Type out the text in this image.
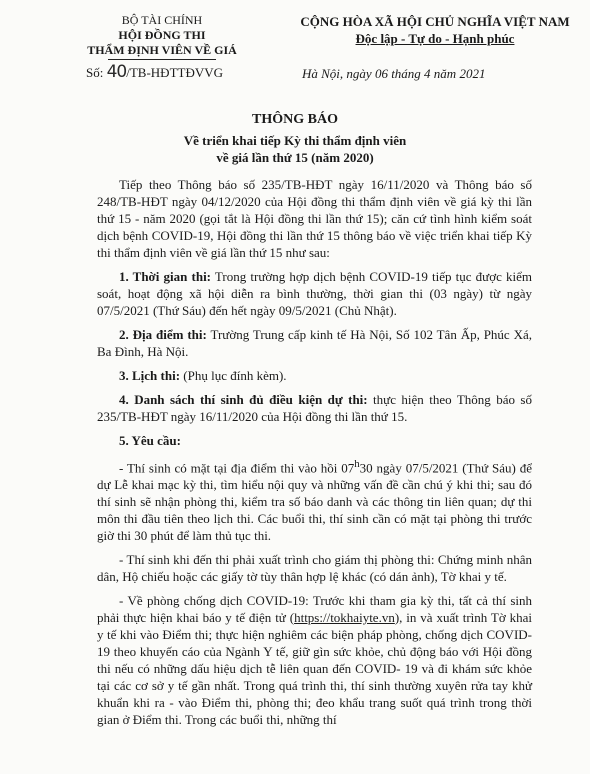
BỘ TÀI CHÍNH
HỘI ĐỒNG THI
THẨM ĐỊNH VIÊN VỀ GIÁ
Số: 40/TB-HĐTTĐVVG
CỘNG HÒA XÃ HỘI CHỦ NGHĨA VIỆT NAM
Độc lập - Tự do - Hạnh phúc
Hà Nội, ngày 06 tháng 4 năm 2021
THÔNG BÁO
Về triển khai tiếp Kỳ thi thẩm định viên
về giá lần thứ 15 (năm 2020)

Tiếp theo Thông báo số 235/TB-HĐT ngày 16/11/2020 và Thông báo số 248/TB-HĐT ngày 04/12/2020 của Hội đồng thi thẩm định viên về giá kỳ thi lần thứ 15 - năm 2020 (gọi tắt là Hội đồng thi lần thứ 15); căn cứ tình hình kiểm soát dịch bệnh COVID-19, Hội đồng thi lần thứ 15 thông báo về việc triển khai tiếp Kỳ thi thẩm định viên về giá lần thứ 15 như sau:

1. Thời gian thi: Trong trường hợp dịch bệnh COVID-19 tiếp tục được kiểm soát, hoạt động xã hội diễn ra bình thường, thời gian thi (03 ngày) từ ngày 07/5/2021 (Thứ Sáu) đến hết ngày 09/5/2021 (Chủ Nhật).

2. Địa điểm thi: Trường Trung cấp kinh tế Hà Nội, Số 102 Tân Ấp, Phúc Xá, Ba Đình, Hà Nội.

3. Lịch thi: (Phụ lục đính kèm).

4. Danh sách thí sinh đủ điều kiện dự thi: thực hiện theo Thông báo số 235/TB-HĐT ngày 16/11/2020 của Hội đồng thi lần thứ 15.

5. Yêu cầu:

- Thí sinh có mặt tại địa điểm thi vào hồi 07$^h$30 ngày 07/5/2021 (Thứ Sáu) để dự Lễ khai mạc kỳ thi, tìm hiểu nội quy và những vấn đề cần chú ý khi thi; sau đó thí sinh sẽ nhận phòng thi, kiểm tra số báo danh và các thông tin liên quan; dự thi môn thi đầu tiên theo lịch thi. Các buổi thi, thí sinh cần có mặt tại phòng thi trước giờ thi 30 phút để làm thủ tục thi.

- Thí sinh khi đến thi phải xuất trình cho giám thị phòng thi: Chứng minh nhân dân, Hộ chiếu hoặc các giấy tờ tùy thân hợp lệ khác (có dán ảnh), Tờ khai y tế.

- Về phòng chống dịch COVID-19: Trước khi tham gia kỳ thi, tất cả thí sinh phải thực hiện khai báo y tế điện tử (https://tokhaiyte.vn), in và xuất trình Tờ khai y tế khi vào Điểm thi; thực hiện nghiêm các biện pháp phòng, chống dịch COVID-19 theo khuyến cáo của Ngành Y tế, giữ gìn sức khỏe, chủ động báo với Hội đồng thi nếu có những dấu hiệu dịch tễ liên quan đến COVID- 19 và đi khám sức khỏe tại các cơ sở y tế gần nhất. Trong quá trình thi, thí sinh thường xuyên rửa tay khử khuẩn khi ra - vào Điểm thi, phòng thi; đeo khẩu trang suốt quá trình trong thời gian ở Điểm thi. Trong các buổi thi, những thí
